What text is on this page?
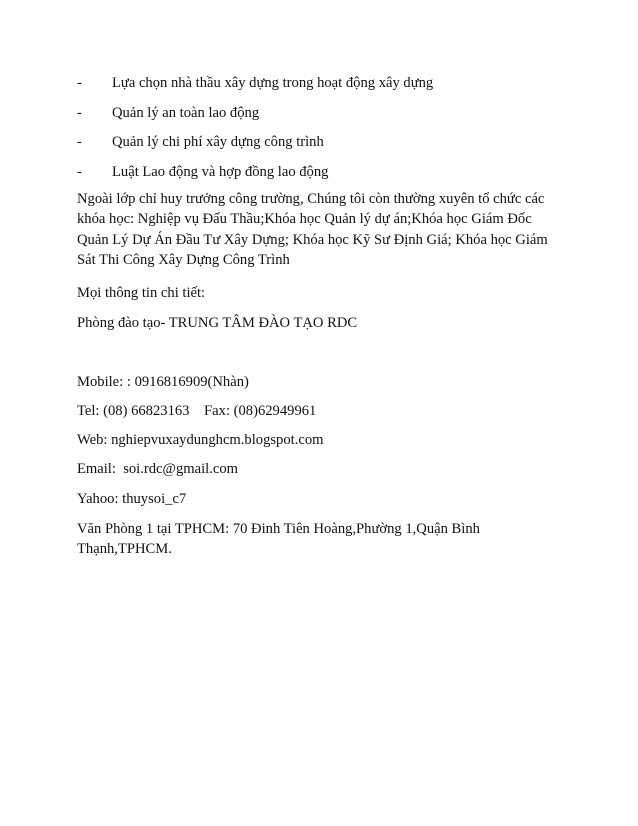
- Lựa chọn nhà thầu xây dựng trong hoạt động xây dựng
- Quản lý an toàn lao động
- Quản lý chi phí xây dựng công trình
- Luật Lao động và hợp đồng lao động
Ngoài lớp chỉ huy trưởng công trường, Chúng tôi còn thường xuyên tổ chức các
khóa học: Nghiệp vụ Đấu Thầu;Khóa học Quản lý dự án;Khóa học Giám Đốc
Quản Lý Dự Án Đầu Tư Xây Dựng; Khóa học Kỹ Sư Định Giá; Khóa học Giám
Sát Thi Công Xây Dựng Công Trình
Mọi thông tin chi tiết:
Phòng đào tạo- TRUNG TÂM ĐÀO TẠO RDC
Mobile: : 0916816909(Nhàn)
Tel: (08) 66823163    Fax: (08)62949961
Web: nghiepvuxaydunghcm.blogspot.com
Email:  soi.rdc@gmail.com
Yahoo: thuysoi_c7
Văn Phòng 1 tại TPHCM: 70 Đinh Tiên Hoàng,Phường 1,Quận Bình
Thạnh,TPHCM.
